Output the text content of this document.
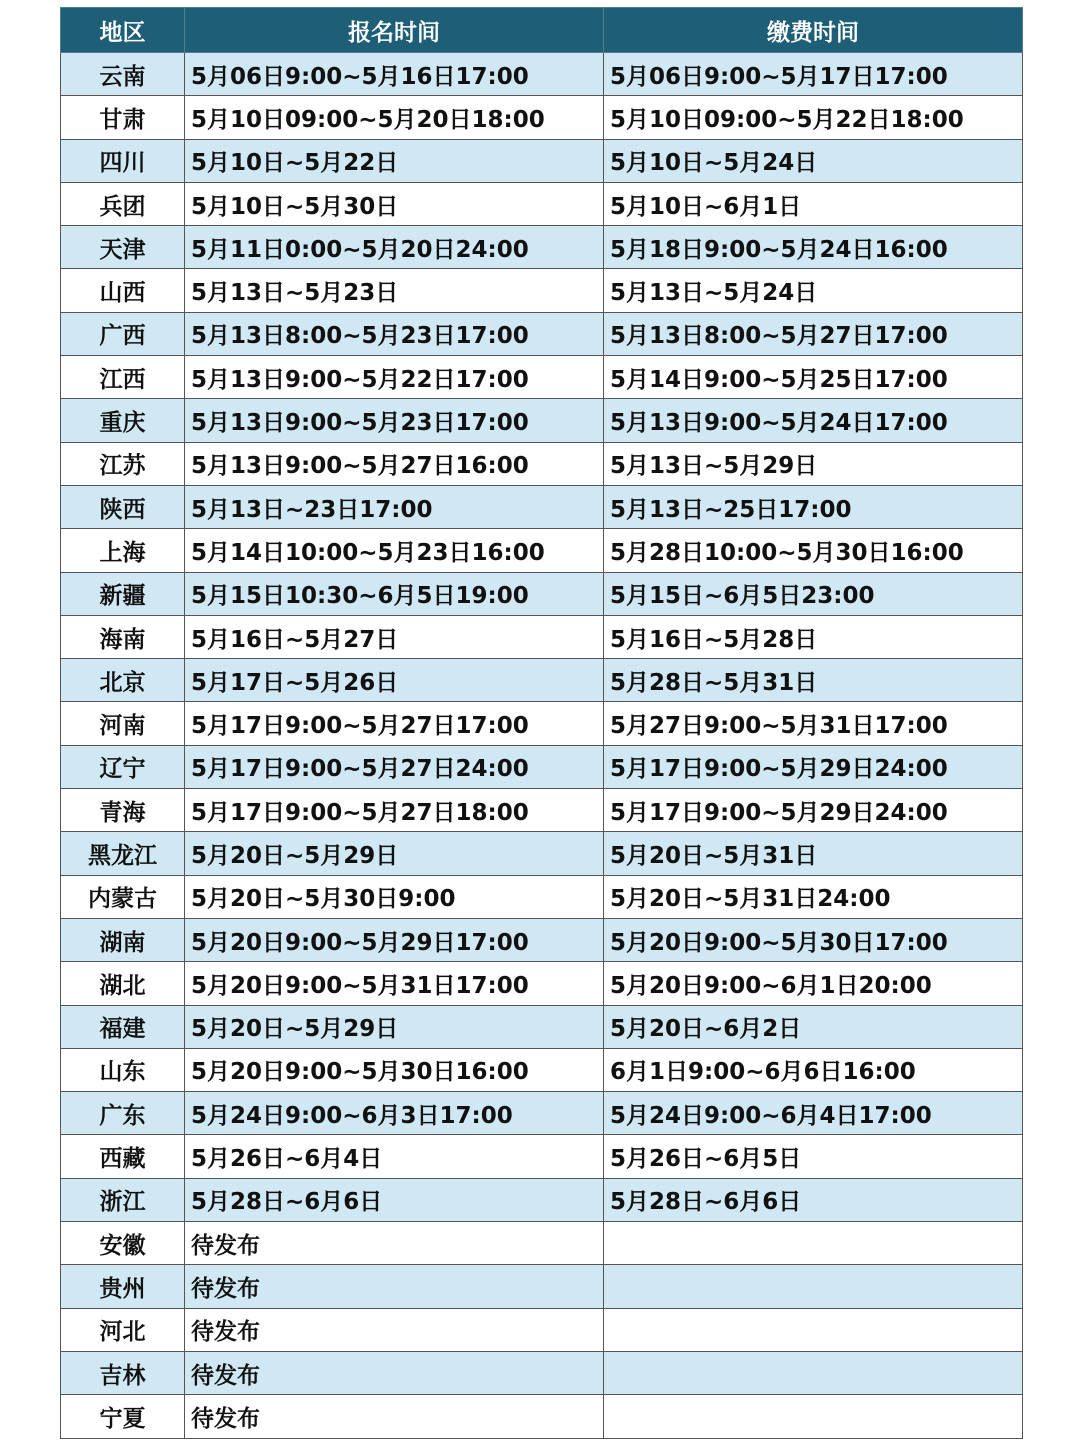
地区	报名时间	缴费时间
云南	5月06日9:00~5月16日17:00	5月06日9:00~5月17日17:00
甘肃	5月10日09:00~5月20日18:00	5月10日09:00~5月22日18:00
四川	5月10日~5月22日	5月10日~5月24日
兵团	5月10日~5月30日	5月10日~6月1日
天津	5月11日0:00~5月20日24:00	5月18日9:00~5月24日16:00
山西	5月13日~5月23日	5月13日~5月24日
广西	5月13日8:00~5月23日17:00	5月13日8:00~5月27日17:00
江西	5月13日9:00~5月22日17:00	5月14日9:00~5月25日17:00
重庆	5月13日9:00~5月23日17:00	5月13日9:00~5月24日17:00
江苏	5月13日9:00~5月27日16:00	5月13日~5月29日
陕西	5月13日~23日17:00	5月13日~25日17:00
上海	5月14日10:00~5月23日16:00	5月28日10:00~5月30日16:00
新疆	5月15日10:30~6月5日19:00	5月15日~6月5日23:00
海南	5月16日~5月27日	5月16日~5月28日
北京	5月17日~5月26日	5月28日~5月31日
河南	5月17日9:00~5月27日17:00	5月27日9:00~5月31日17:00
辽宁	5月17日9:00~5月27日24:00	5月17日9:00~5月29日24:00
青海	5月17日9:00~5月27日18:00	5月17日9:00~5月29日24:00
黑龙江	5月20日~5月29日	5月20日~5月31日
内蒙古	5月20日~5月30日9:00	5月20日~5月31日24:00
湖南	5月20日9:00~5月29日17:00	5月20日9:00~5月30日17:00
湖北	5月20日9:00~5月31日17:00	5月20日9:00~6月1日20:00
福建	5月20日~5月29日	5月20日~6月2日
山东	5月20日9:00~5月30日16:00	6月1日9:00~6月6日16:00
广东	5月24日9:00~6月3日17:00	5月24日9:00~6月4日17:00
西藏	5月26日~6月4日	5月26日~6月5日
浙江	5月28日~6月6日	5月28日~6月6日
安徽	待发布	
贵州	待发布	
河北	待发布	
吉林	待发布	
宁夏	待发布	
